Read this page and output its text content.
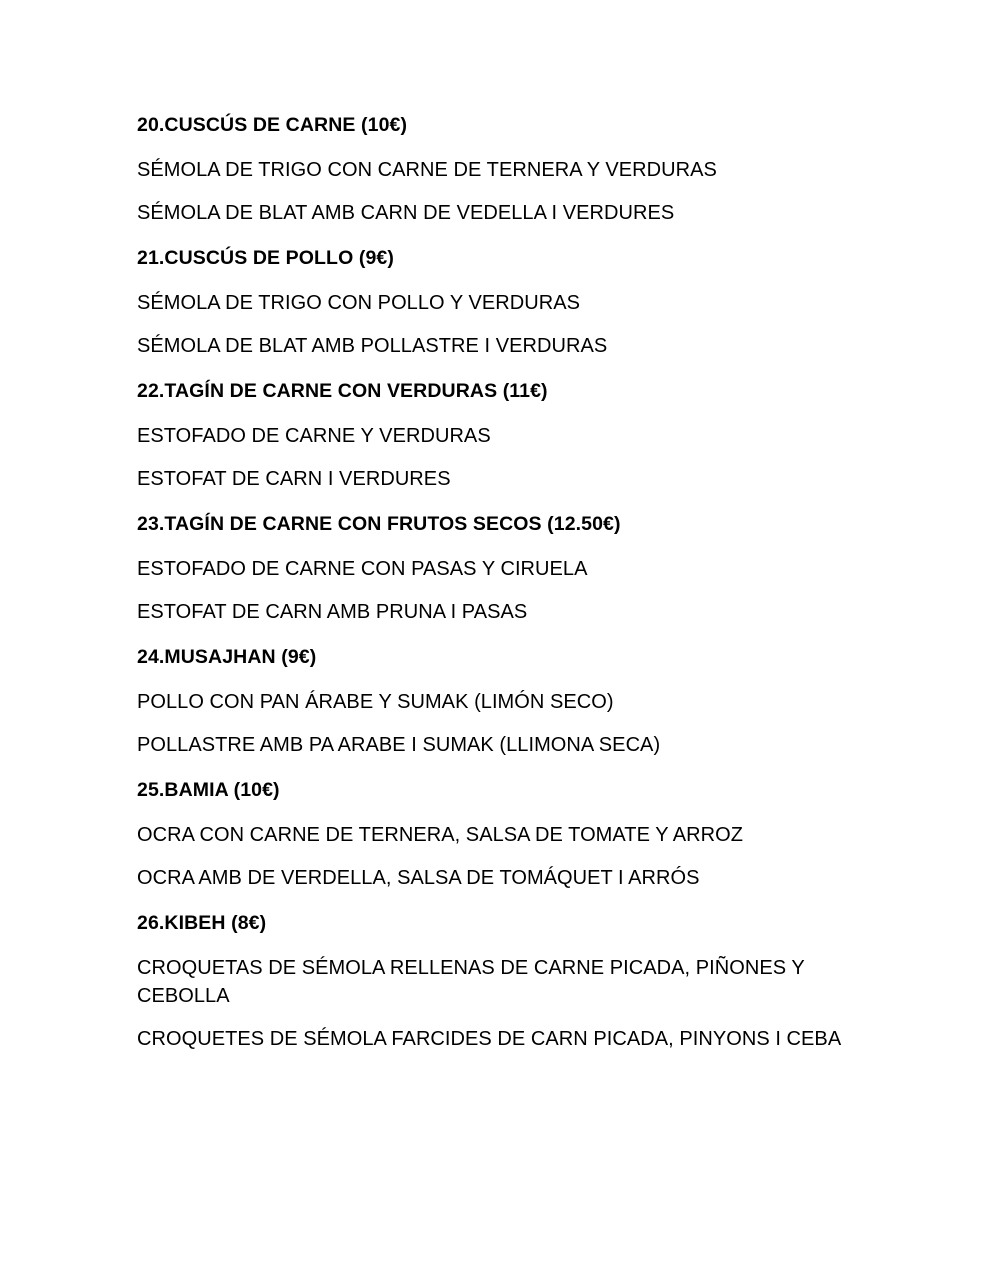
20.CUSCÚS DE CARNE (10€)

SÉMOLA DE TRIGO CON CARNE DE TERNERA Y VERDURAS

SÉMOLA DE BLAT AMB CARN DE VEDELLA I VERDURES

21.CUSCÚS DE POLLO (9€)

SÉMOLA DE TRIGO CON POLLO Y VERDURAS

SÉMOLA DE BLAT AMB POLLASTRE I VERDURAS

22.TAGÍN DE CARNE CON VERDURAS (11€)

ESTOFADO DE CARNE Y VERDURAS

ESTOFAT DE CARN I VERDURES

23.TAGÍN DE CARNE CON FRUTOS SECOS (12.50€)

ESTOFADO DE CARNE CON PASAS Y CIRUELA

ESTOFAT DE CARN AMB PRUNA I PASAS

24.MUSAJHAN (9€)

POLLO CON PAN ÁRABE Y SUMAK (LIMÓN SECO)

POLLASTRE AMB PA ARABE I SUMAK (LLIMONA SECA)

25.BAMIA (10€)

OCRA CON CARNE DE TERNERA, SALSA DE TOMATE Y ARROZ

OCRA AMB DE VERDELLA, SALSA DE TOMÁQUET I ARRÓS

26.KIBEH (8€)

CROQUETAS DE SÉMOLA RELLENAS DE CARNE PICADA, PIÑONES Y CEBOLLA

CROQUETES DE SÉMOLA FARCIDES DE CARN PICADA, PINYONS I CEBA
